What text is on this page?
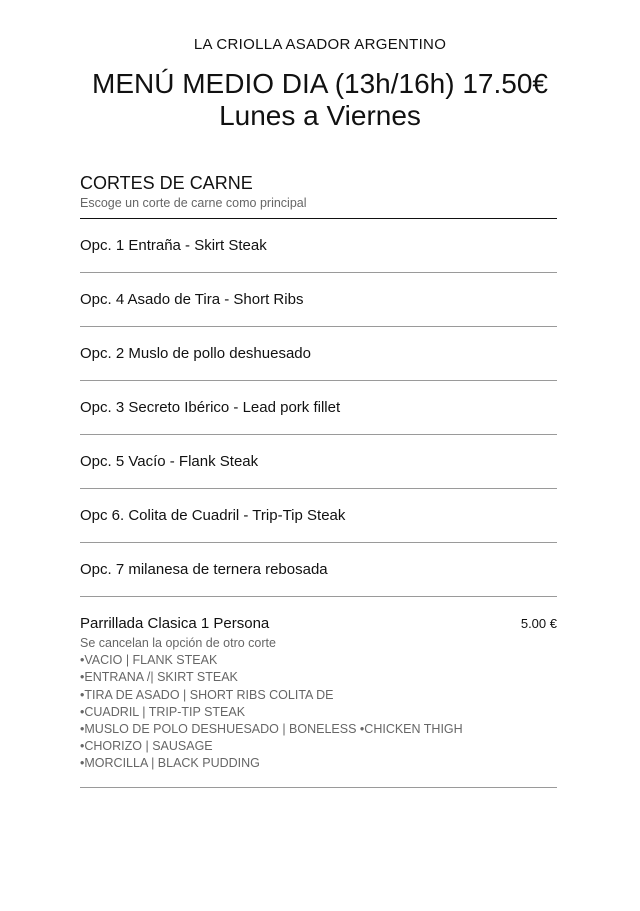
LA CRIOLLA ASADOR ARGENTINO
MENÚ MEDIO DIA (13h/16h) 17.50€
Lunes a Viernes
CORTES DE CARNE
Escoge un corte de carne como principal
Opc. 1 Entraña - Skirt Steak
Opc. 4 Asado de Tira - Short Ribs
Opc. 2 Muslo de pollo deshuesado
Opc. 3 Secreto Ibérico - Lead pork fillet
Opc. 5 Vacío - Flank Steak
Opc 6. Colita de Cuadril - Trip-Tip Steak
Opc. 7 milanesa de ternera rebosada
Parrillada Clasica 1 Persona	5.00 €
Se cancelan la opción de otro corte
•VACIO | FLANK STEAK
•ENTRANA /| SKIRT STEAK
•TIRA DE ASADO | SHORT RIBS COLITA DE
•CUADRIL | TRIP-TIP STEAK
•MUSLO DE POLO DESHUESADO | BONELESS •CHICKEN THIGH
•CHORIZO | SAUSAGE
•MORCILLA | BLACK PUDDING
